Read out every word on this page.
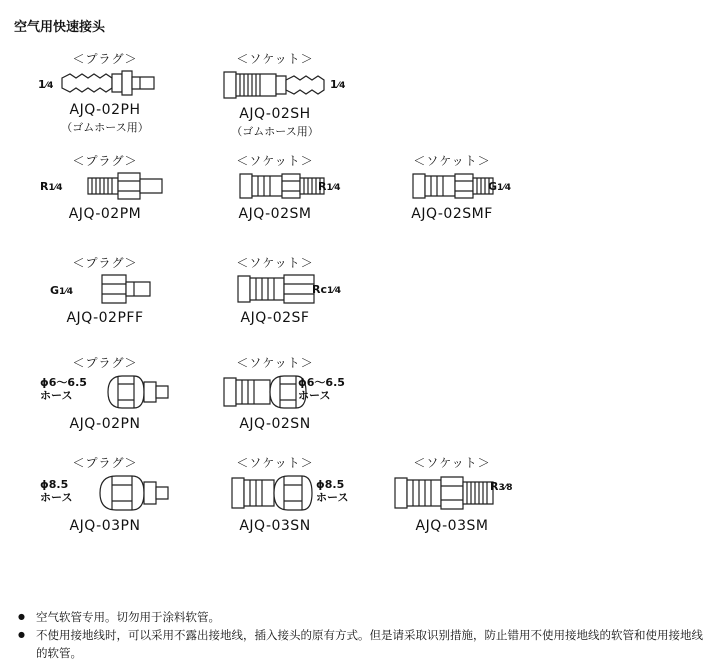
空气用快速接头
＜プラグ＞
AJQ-02PH
（ゴムホース用）
1⁄4
＜ソケット＞
AJQ-02SH
（ゴムホース用）
1⁄4
＜プラグ＞
AJQ-02PM
R1⁄4
＜ソケット＞
AJQ-02SM
R1⁄4
＜ソケット＞
AJQ-02SMF
G1⁄4
＜プラグ＞
AJQ-02PFF
G1⁄4
＜ソケット＞
AJQ-02SF
Rc1⁄4
＜プラグ＞
AJQ-02PN
ϕ6～6.5
ホース
＜ソケット＞
AJQ-02SN
ϕ6～6.5
ホース
＜プラグ＞
AJQ-03PN
ϕ8.5
ホース
＜ソケット＞
AJQ-03SN
ϕ8.5
ホース
＜ソケット＞
AJQ-03SM
R3⁄8
● 空气软管专用。切勿用于涂料软管。
● 不使用接地线时，可以采用不露出接地线，插入接头的原有方式。但是请采取识别措施，防止错用不使用接地线的软管和使用接地线的软管。
